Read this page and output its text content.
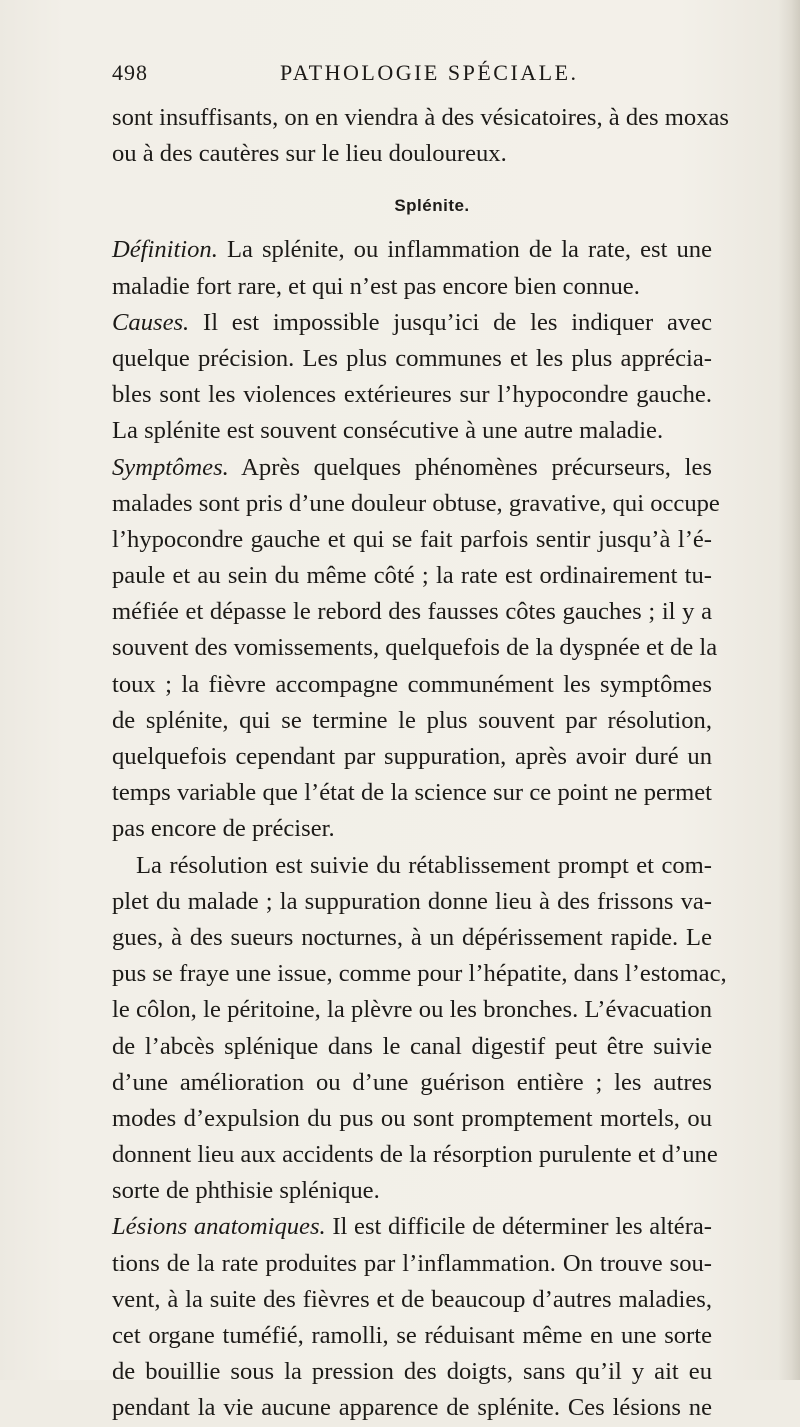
498	PATHOLOGIE SPÉCIALE.
sont insuffisants, on en viendra à des vésicatoires, à des moxas
ou à des cautères sur le lieu douloureux.
Splénite.
Définition. La splénite, ou inflammation de la rate, est une
maladie fort rare, et qui n’est pas encore bien connue.
Causes. Il est impossible jusqu’ici de les indiquer avec
quelque précision. Les plus communes et les plus apprécia-
bles sont les violences extérieures sur l’hypocondre gauche.
La splénite est souvent consécutive à une autre maladie.
Symptômes. Après quelques phénomènes précurseurs, les
malades sont pris d’une douleur obtuse, gravative, qui occupe
l’hypocondre gauche et qui se fait parfois sentir jusqu’à l’é-
paule et au sein du même côté ; la rate est ordinairement tu-
méfiée et dépasse le rebord des fausses côtes gauches ; il y a
souvent des vomissements, quelquefois de la dyspnée et de la
toux ; la fièvre accompagne communément les symptômes
de splénite, qui se termine le plus souvent par résolution,
quelquefois cependant par suppuration, après avoir duré un
temps variable que l’état de la science sur ce point ne permet
pas encore de préciser.
La résolution est suivie du rétablissement prompt et com-
plet du malade ; la suppuration donne lieu à des frissons va-
gues, à des sueurs nocturnes, à un dépérissement rapide. Le
pus se fraye une issue, comme pour l’hépatite, dans l’estomac,
le côlon, le péritoine, la plèvre ou les bronches. L’évacuation
de l’abcès splénique dans le canal digestif peut être suivie
d’une amélioration ou d’une guérison entière ; les autres
modes d’expulsion du pus ou sont promptement mortels, ou
donnent lieu aux accidents de la résorption purulente et d’une
sorte de phthisie splénique.
Lésions anatomiques. Il est difficile de déterminer les altéra-
tions de la rate produites par l’inflammation. On trouve sou-
vent, à la suite des fièvres et de beaucoup d’autres maladies,
cet organe tuméfié, ramolli, se réduisant même en une sorte
de bouillie sous la pression des doigts, sans qu’il y ait eu
pendant la vie aucune apparence de splénite. Ces lésions ne
